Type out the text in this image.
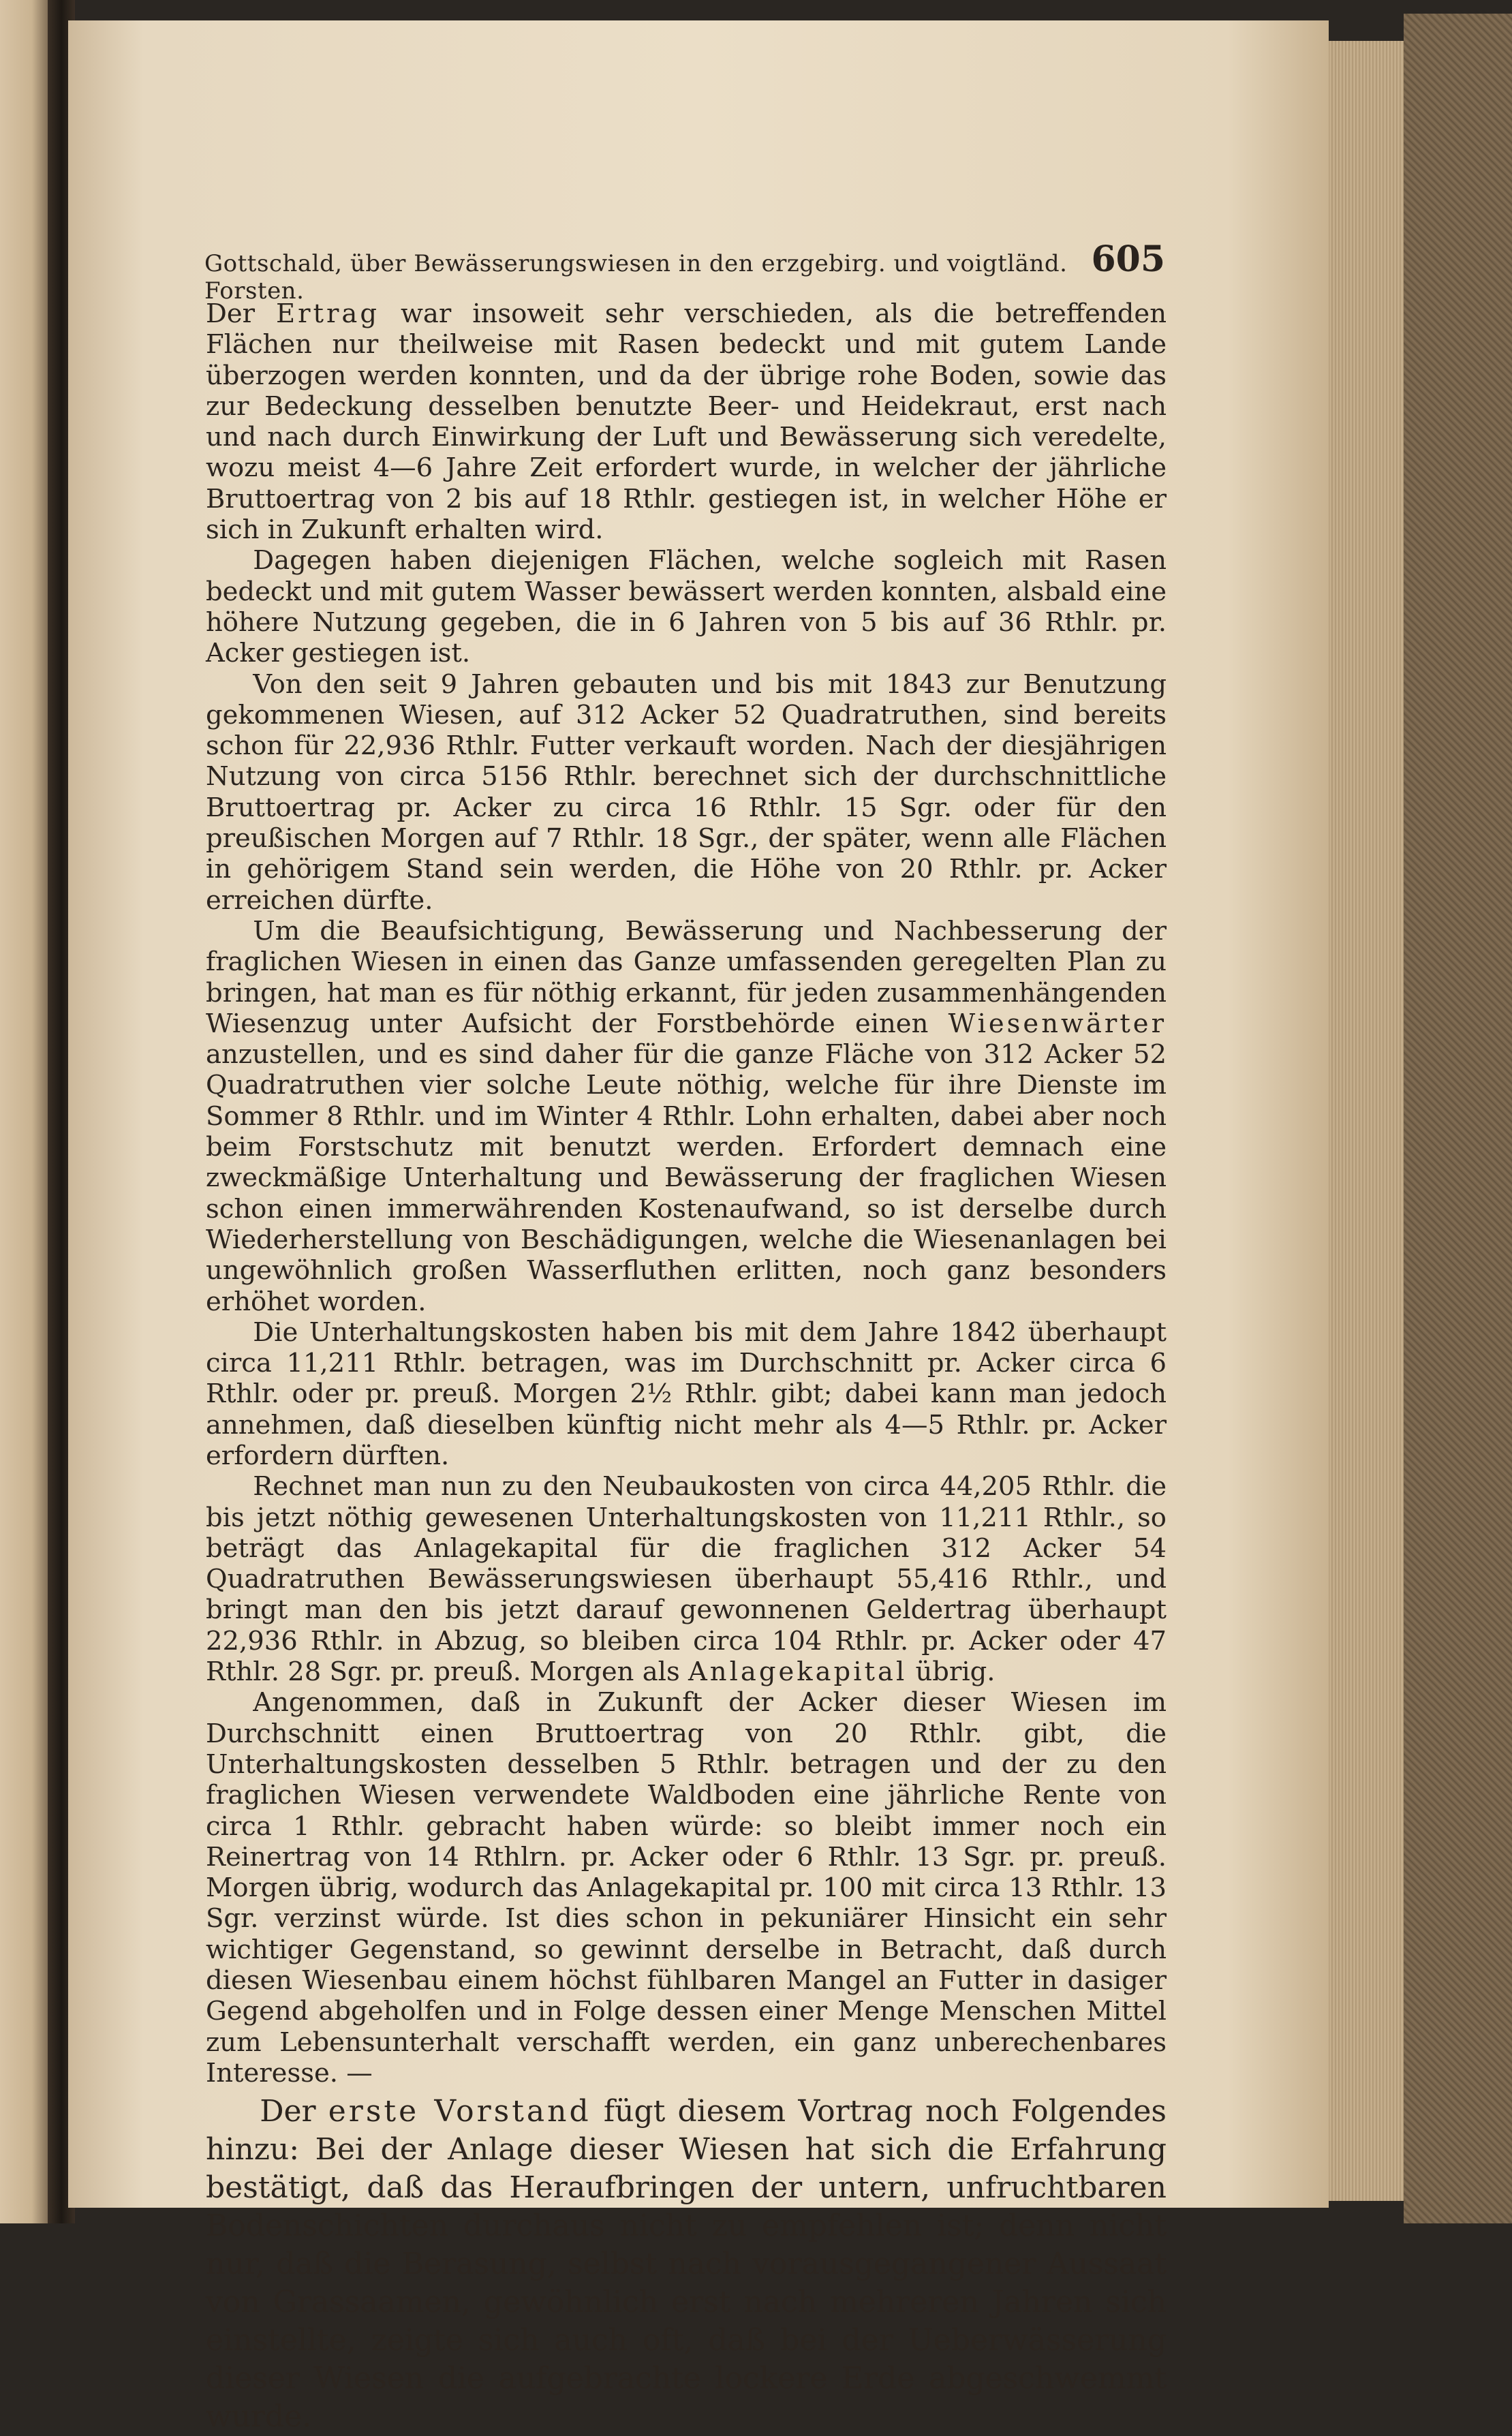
Gottschald, über Bewässerungswiesen in den erzgebirg. und voigtländ. Forsten.
605

Der Ertrag war insoweit sehr verschieden, als die betreffenden Flächen nur theilweise mit Rasen bedeckt und mit gutem Lande überzogen werden konnten, und da der übrige rohe Boden, sowie das zur Bedeckung desselben benutzte Beer- und Heidekraut, erst nach und nach durch Einwirkung der Luft und Bewässerung sich veredelte, wozu meist 4—6 Jahre Zeit erfordert wurde, in welcher der jährliche Bruttoertrag von 2 bis auf 18 Rthlr. gestiegen ist, in welcher Höhe er sich in Zukunft erhalten wird.

Dagegen haben diejenigen Flächen, welche sogleich mit Rasen bedeckt und mit gutem Wasser bewässert werden konnten, alsbald eine höhere Nutzung gegeben, die in 6 Jahren von 5 bis auf 36 Rthlr. pr. Acker gestiegen ist.

Von den seit 9 Jahren gebauten und bis mit 1843 zur Benutzung gekommenen Wiesen, auf 312 Acker 52 Quadratruthen, sind bereits schon für 22,936 Rthlr. Futter verkauft worden. Nach der diesjährigen Nutzung von circa 5156 Rthlr. berechnet sich der durchschnittliche Bruttoertrag pr. Acker zu circa 16 Rthlr. 15 Sgr. oder für den preußischen Morgen auf 7 Rthlr. 18 Sgr., der später, wenn alle Flächen in gehörigem Stand sein werden, die Höhe von 20 Rthlr. pr. Acker erreichen dürfte.

Um die Beaufsichtigung, Bewässerung und Nachbesserung der fraglichen Wiesen in einen das Ganze umfassenden geregelten Plan zu bringen, hat man es für nöthig erkannt, für jeden zusammenhängenden Wiesenzug unter Aufsicht der Forstbehörde einen Wiesenwärter anzustellen, und es sind daher für die ganze Fläche von 312 Acker 52 Quadratruthen vier solche Leute nöthig, welche für ihre Dienste im Sommer 8 Rthlr. und im Winter 4 Rthlr. Lohn erhalten, dabei aber noch beim Forstschutz mit benutzt werden. Erfordert demnach eine zweckmäßige Unterhaltung und Bewässerung der fraglichen Wiesen schon einen immerwährenden Kostenaufwand, so ist derselbe durch Wiederherstellung von Beschädigungen, welche die Wiesenanlagen bei ungewöhnlich großen Wasserfluthen erlitten, noch ganz besonders erhöhet worden.

Die Unterhaltungskosten haben bis mit dem Jahre 1842 überhaupt circa 11,211 Rthlr. betragen, was im Durchschnitt pr. Acker circa 6 Rthlr. oder pr. preuß. Morgen 2½ Rthlr. gibt; dabei kann man jedoch annehmen, daß dieselben künftig nicht mehr als 4—5 Rthlr. pr. Acker erfordern dürften.

Rechnet man nun zu den Neubaukosten von circa 44,205 Rthlr. die bis jetzt nöthig gewesenen Unterhaltungskosten von 11,211 Rthlr., so beträgt das Anlagekapital für die fraglichen 312 Acker 54 Quadratruthen Bewässerungswiesen überhaupt 55,416 Rthlr., und bringt man den bis jetzt darauf gewonnenen Geldertrag überhaupt 22,936 Rthlr. in Abzug, so bleiben circa 104 Rthlr. pr. Acker oder 47 Rthlr. 28 Sgr. pr. preuß. Morgen als Anlagekapital übrig.

Angenommen, daß in Zukunft der Acker dieser Wiesen im Durchschnitt einen Bruttoertrag von 20 Rthlr. gibt, die Unterhaltungskosten desselben 5 Rthlr. betragen und der zu den fraglichen Wiesen verwendete Waldboden eine jährliche Rente von circa 1 Rthlr. gebracht haben würde: so bleibt immer noch ein Reinertrag von 14 Rthlrn. pr. Acker oder 6 Rthlr. 13 Sgr. pr. preuß. Morgen übrig, wodurch das Anlagekapital pr. 100 mit circa 13 Rthlr. 13 Sgr. verzinst würde. Ist dies schon in pekuniärer Hinsicht ein sehr wichtiger Gegenstand, so gewinnt derselbe in Betracht, daß durch diesen Wiesenbau einem höchst fühlbaren Mangel an Futter in dasiger Gegend abgeholfen und in Folge dessen einer Menge Menschen Mittel zum Lebensunterhalt verschafft werden, ein ganz unberechenbares Interesse. —

Der erste Vorstand fügt diesem Vortrag noch Folgendes hinzu: Bei der Anlage dieser Wiesen hat sich die Erfahrung bestätigt, daß das Heraufbringen der untern, unfruchtbaren Bodenschichten durchaus nicht zu empfehlen ist; denn nicht nur, daß die Berasung, selbst nach vorausgegangener Aussaat von Grassaamen, gewöhnlich erst nach mehreren Jahren sich einstellte, zeigte sich auch oft, daß bei der Ueberwässerung dieser Wiesen die aufgebrachte lockere Erde abgeschwemmt wurde.
